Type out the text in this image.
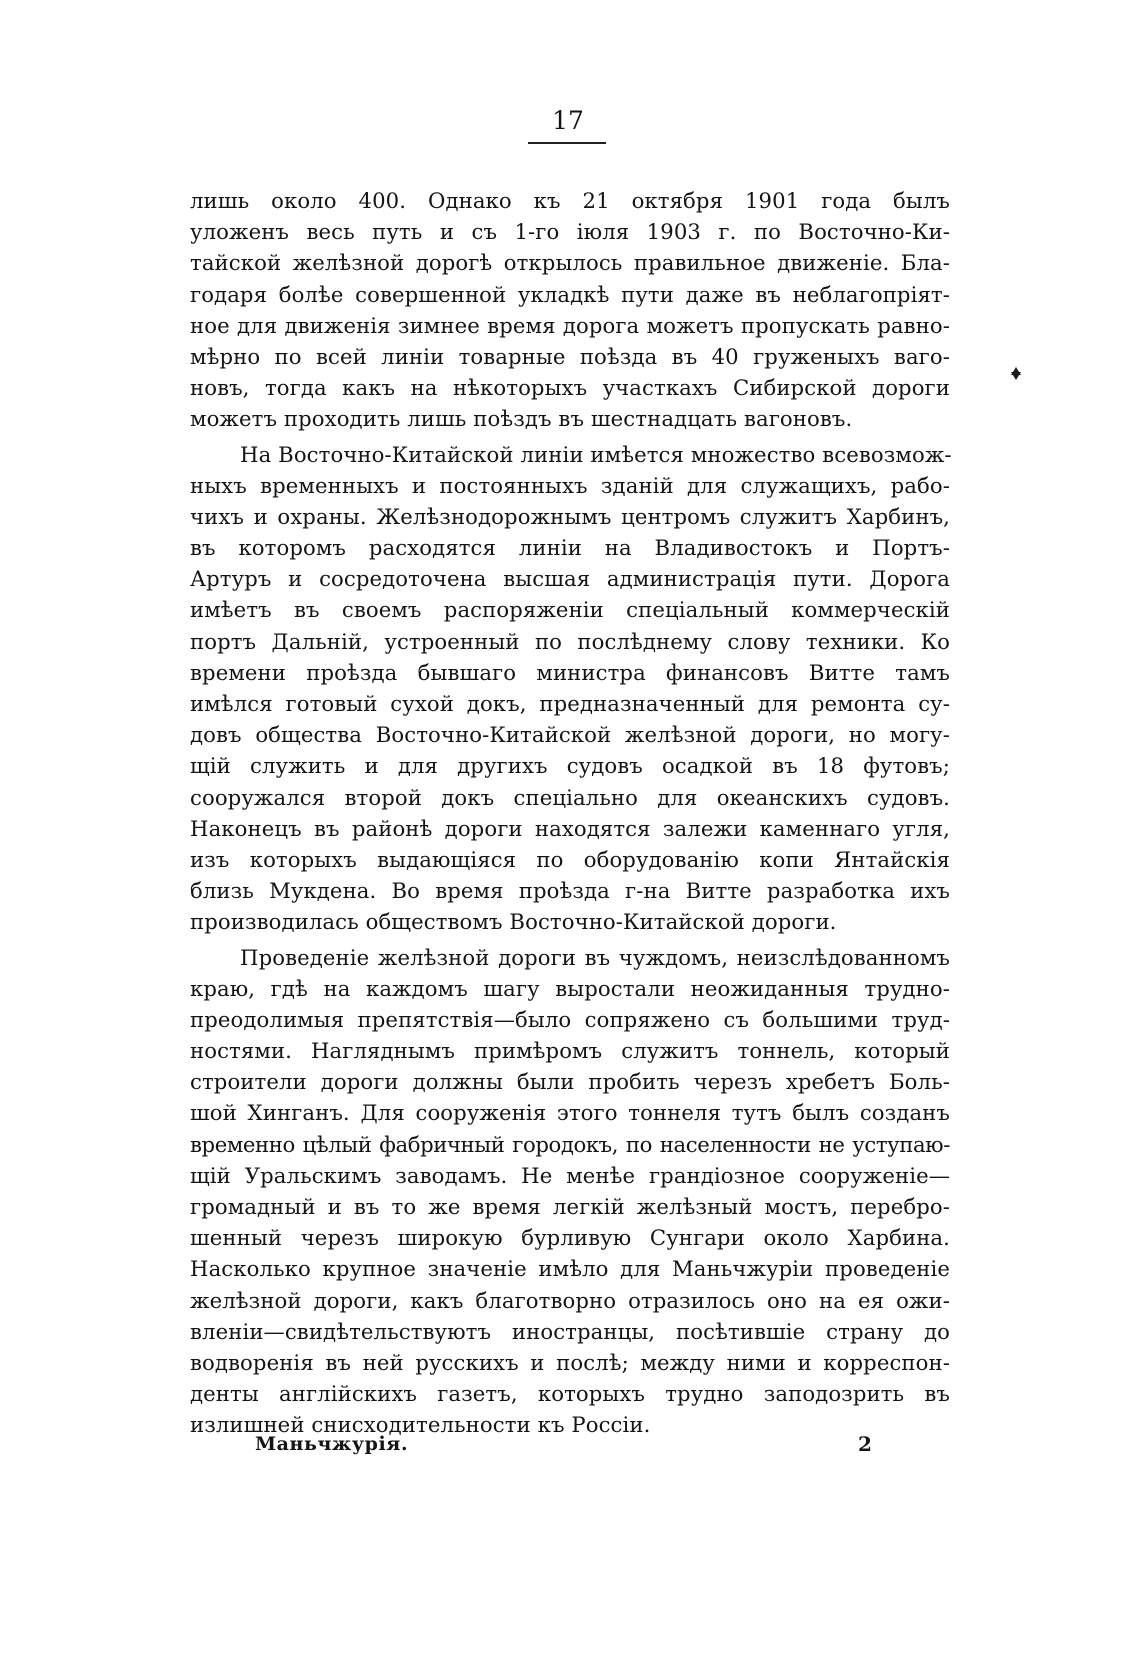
17
лишь около 400. Однако къ 21 октября 1901 года былъ
уложенъ весь путь и съ 1-го іюля 1903 г. по Восточно-Ки-
тайской желѣзной дорогѣ открылось правильное движеніе. Бла-
годаря болѣе совершенной укладкѣ пути даже въ неблагопріят-
ное для движенія зимнее время дорога можетъ пропускать равно-
мѣрно по всей линіи товарные поѣзда въ 40 груженыхъ ваго-
новъ, тогда какъ на нѣкоторыхъ участкахъ Сибирской дороги
можетъ проходить лишь поѣздъ въ шестнадцать вагоновъ.
На Восточно-Китайской линіи имѣется множество всевозмож-
ныхъ временныхъ и постоянныхъ зданій для служащихъ, рабо-
чихъ и охраны. Желѣзнодорожнымъ центромъ служитъ Харбинъ,
въ которомъ расходятся линіи на Владивостокъ и Портъ-
Артуръ и сосредоточена высшая администрація пути. Дорога
имѣетъ въ своемъ распоряженіи спеціальный коммерческій
портъ Дальній, устроенный по послѣднему слову техники. Ко
времени проѣзда бывшаго министра финансовъ Витте тамъ
имѣлся готовый сухой докъ, предназначенный для ремонта су-
довъ общества Восточно-Китайской желѣзной дороги, но могу-
щій служить и для другихъ судовъ осадкой въ 18 футовъ;
сооружался второй докъ спеціально для океанскихъ судовъ.
Наконецъ въ районѣ дороги находятся залежи каменнаго угля,
изъ которыхъ выдающіяся по оборудованію копи Янтайскія
близь Мукдена. Во время проѣзда г-на Витте разработка ихъ
производилась обществомъ Восточно-Китайской дороги.
Проведеніе желѣзной дороги въ чуждомъ, неизслѣдованномъ
краю, гдѣ на каждомъ шагу выростали неожиданныя трудно-
преодолимыя препятствія—было сопряжено съ большими труд-
ностями. Нагляднымъ примѣромъ служитъ тоннель, который
строители дороги должны были пробить черезъ хребетъ Боль-
шой Хинганъ. Для сооруженія этого тоннеля тутъ былъ созданъ
временно цѣлый фабричный городокъ, по населенности не уступаю-
щій Уральскимъ заводамъ. Не менѣе грандіозное сооруженіе—
громадный и въ то же время легкій желѣзный мостъ, перебро-
шенный черезъ широкую бурливую Сунгари около Харбина.
Насколько крупное значеніе имѣло для Маньчжуріи проведеніе
желѣзной дороги, какъ благотворно отразилось оно на ея ожи-
вленіи—свидѣтельствуютъ иностранцы, посѣтившіе страну до
водворенія въ ней русскихъ и послѣ; между ними и корреспон-
денты англійскихъ газетъ, которыхъ трудно заподозрить въ
излишней снисходительности къ Россіи.
Маньчжурія.	2
